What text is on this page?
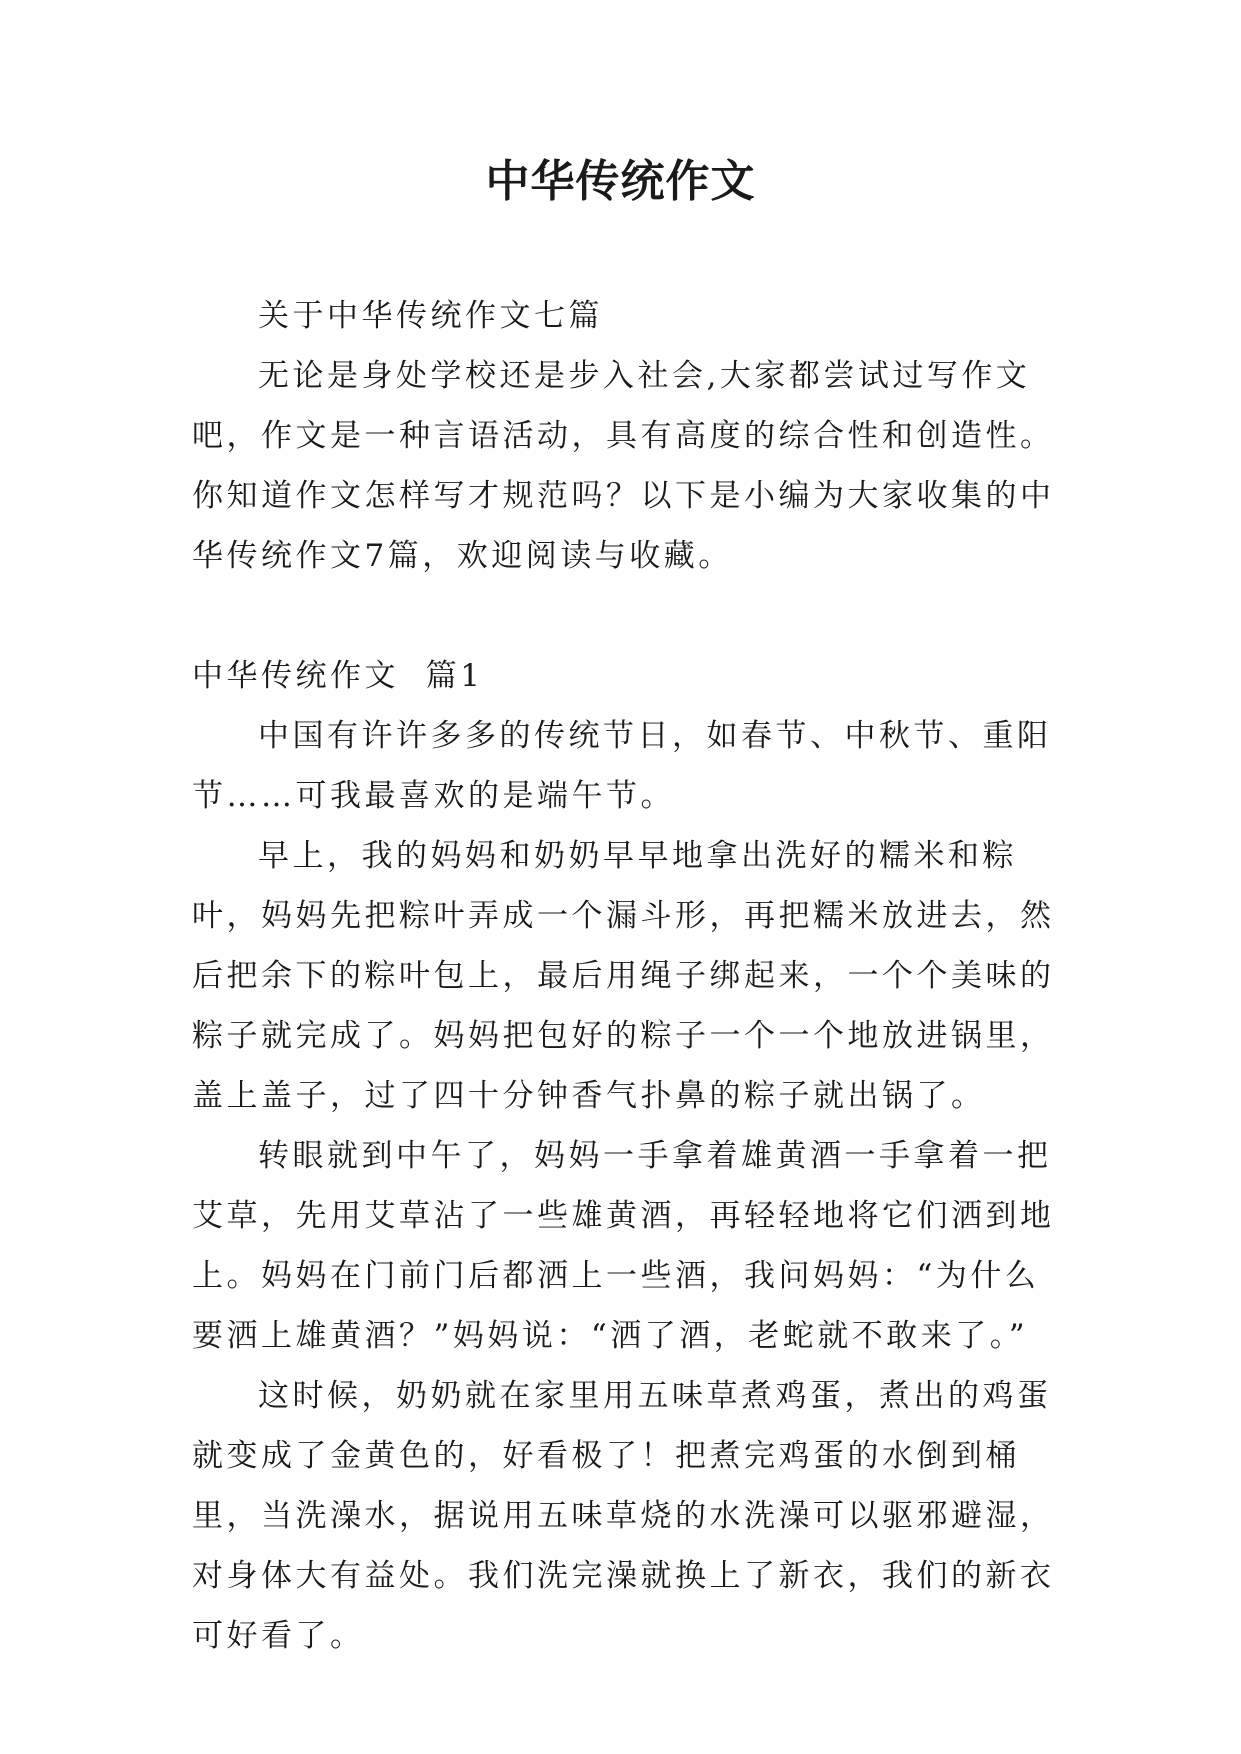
中华传统作文

关于中华传统作文七篇

无论是身处学校还是步入社会,大家都尝试过写作文吧，作文是一种言语活动，具有高度的综合性和创造性。你知道作文怎样写才规范吗？以下是小编为大家收集的中华传统作文7篇，欢迎阅读与收藏。

中华传统作文  篇1

中国有许许多多的传统节日，如春节、中秋节、重阳节……可我最喜欢的是端午节。

早上，我的妈妈和奶奶早早地拿出洗好的糯米和粽叶，妈妈先把粽叶弄成一个漏斗形，再把糯米放进去，然后把余下的粽叶包上，最后用绳子绑起来，一个个美味的粽子就完成了。妈妈把包好的粽子一个一个地放进锅里，盖上盖子，过了四十分钟香气扑鼻的粽子就出锅了。

转眼就到中午了，妈妈一手拿着雄黄酒一手拿着一把艾草，先用艾草沾了一些雄黄酒，再轻轻地将它们洒到地上。妈妈在门前门后都洒上一些酒，我问妈妈：“为什么要洒上雄黄酒？”妈妈说：“洒了酒，老蛇就不敢来了。”

这时候，奶奶就在家里用五味草煮鸡蛋，煮出的鸡蛋就变成了金黄色的，好看极了！把煮完鸡蛋的水倒到桶里，当洗澡水，据说用五味草烧的水洗澡可以驱邪避湿，对身体大有益处。我们洗完澡就换上了新衣，我们的新衣可好看了。
